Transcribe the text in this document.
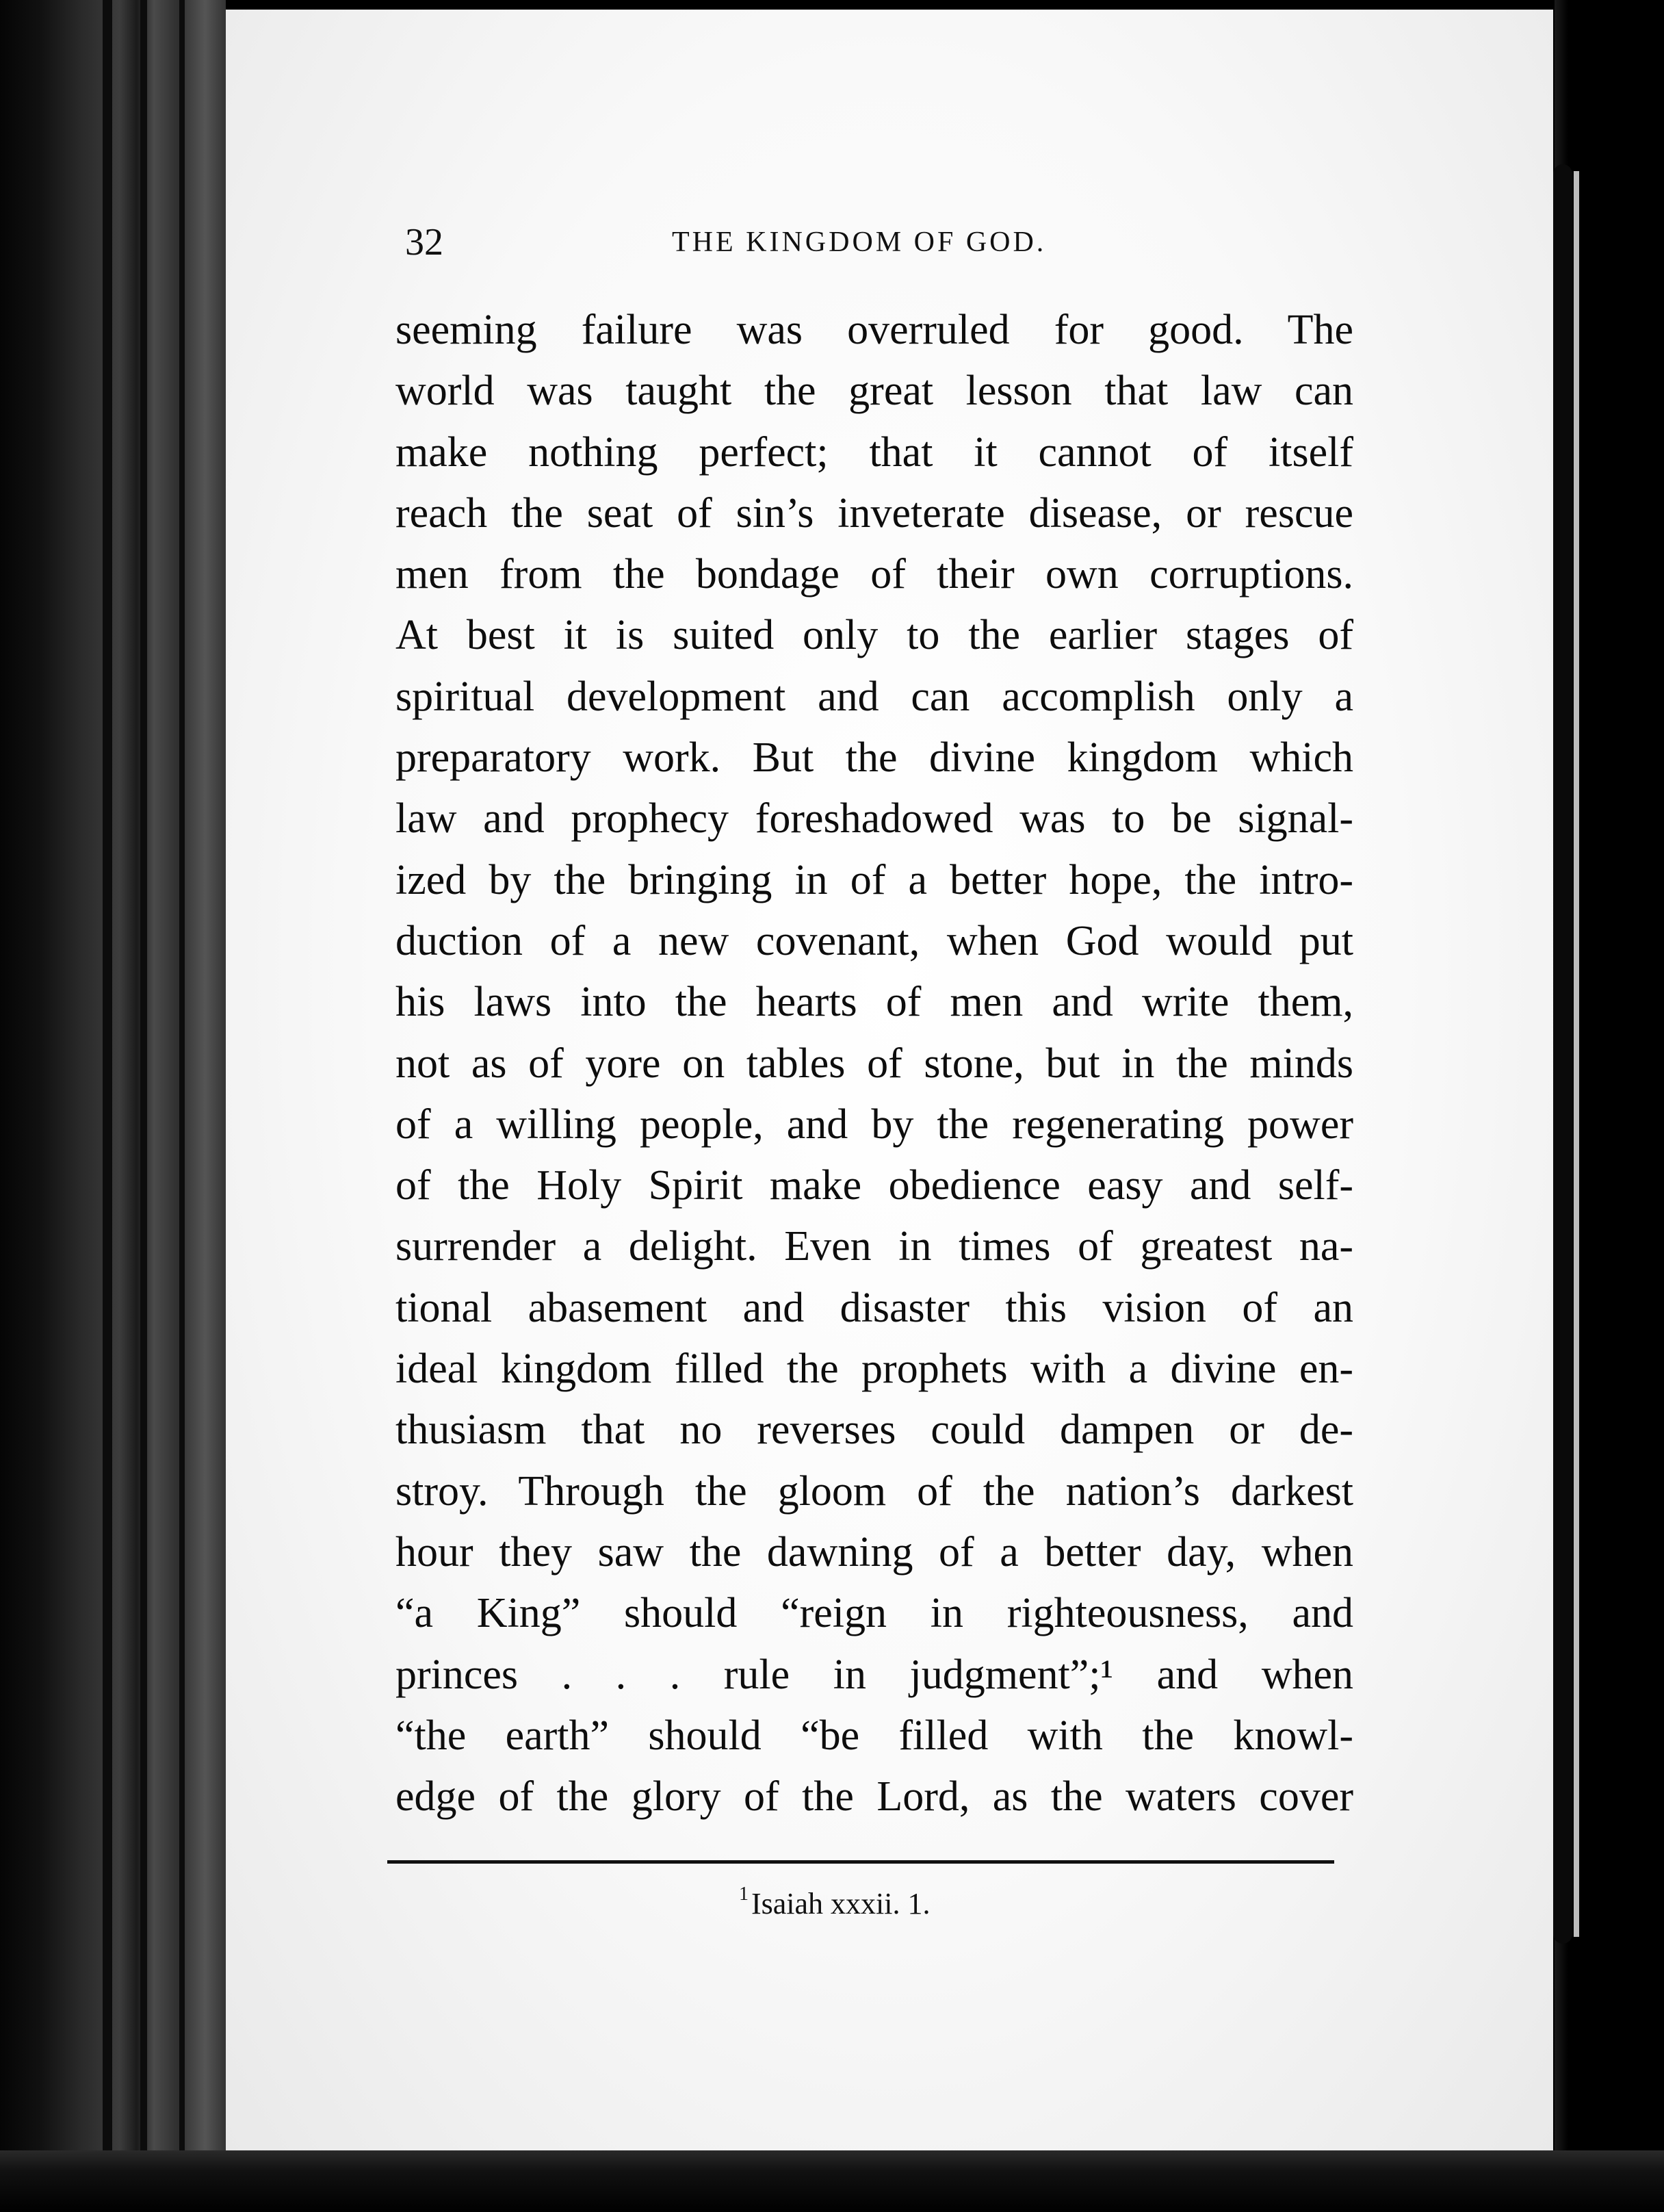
32	THE KINGDOM OF GOD.
seeming failure was overruled for good. The
world was taught the great lesson that law can
make nothing perfect; that it cannot of itself
reach the seat of sin’s inveterate disease, or rescue
men from the bondage of their own corruptions.
At best it is suited only to the earlier stages of
spiritual development and can accomplish only a
preparatory work. But the divine kingdom which
law and prophecy foreshadowed was to be signal-
ized by the bringing in of a better hope, the intro-
duction of a new covenant, when God would put
his laws into the hearts of men and write them,
not as of yore on tables of stone, but in the minds
of a willing people, and by the regenerating power
of the Holy Spirit make obedience easy and self-
surrender a delight. Even in times of greatest na-
tional abasement and disaster this vision of an
ideal kingdom filled the prophets with a divine en-
thusiasm that no reverses could dampen or de-
stroy. Through the gloom of the nation’s darkest
hour they saw the dawning of a better day, when
“a King” should “reign in righteousness, and
princes . . . rule in judgment”;¹ and when
“the earth” should “be filled with the knowl-
edge of the glory of the Lord, as the waters cover
$^1$Isaiah xxxii. 1.
